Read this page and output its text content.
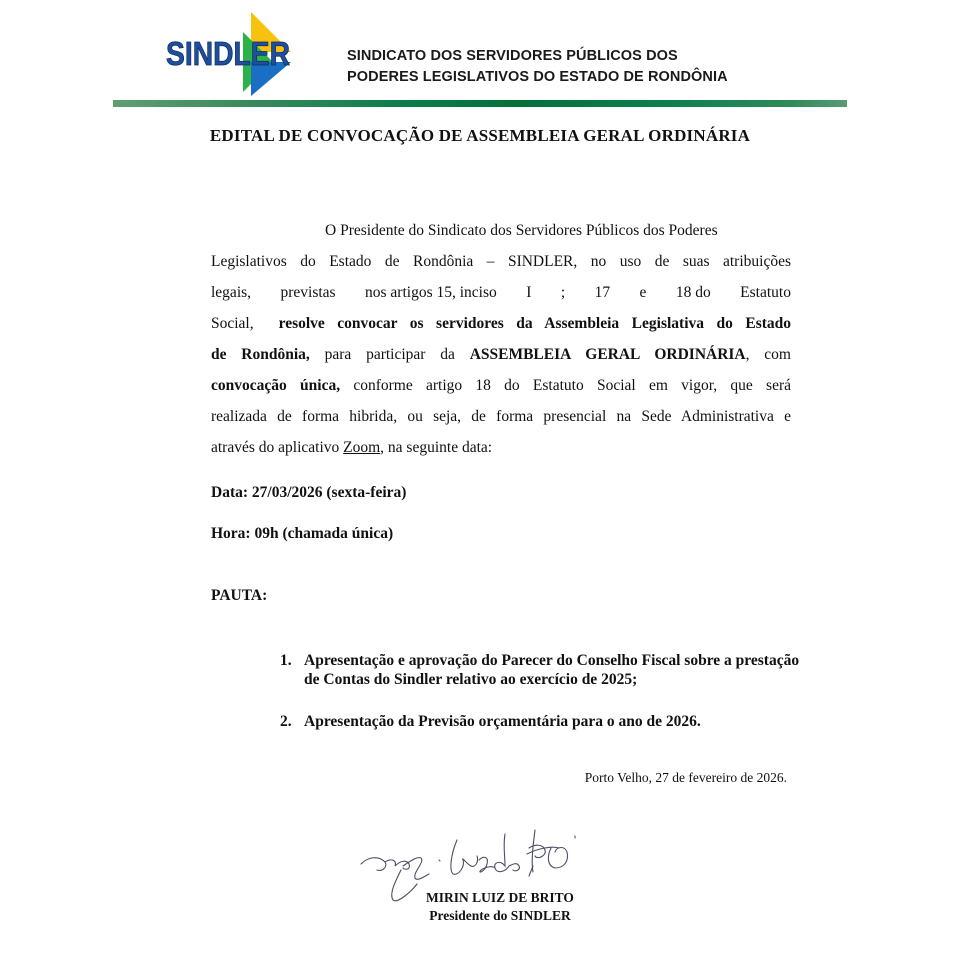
SINDLER	SINDICATO DOS SERVIDORES PÚBLICOS DOS
PODERES LEGISLATIVOS DO ESTADO DE RONDÔNIA
EDITAL DE CONVOCAÇÃO DE ASSEMBLEIA GERAL ORDINÁRIA

O Presidente do Sindicato dos Servidores Públicos dos Poderes

Legislativos do Estado de Rondônia – SINDLER, no uso de suas atribuições

legais, previstas nos artigos 15, inciso I ; 17 e 18 do Estatuto

Social, resolve convocar os servidores da Assembleia Legislativa do Estado

de Rondônia, para participar da ASSEMBLEIA GERAL ORDINÁRIA, com

convocação única, conforme artigo 18 do Estatuto Social em vigor, que será

realizada de forma hibrida, ou seja, de forma presencial na Sede Administrativa e

através do aplicativo Zoom, na seguinte data:

Data: 27/03/2026 (sexta-feira)
Hora: 09h (chamada única)
PAUTA:
1. Apresentação e aprovação do Parecer do Conselho Fiscal sobre a prestação de Contas do Sindler relativo ao exercício de 2025;
2. Apresentação da Previsão orçamentária para o ano de 2026.
Porto Velho, 27 de fevereiro de 2026.
MIRIN LUIZ DE BRITO
Presidente do SINDLER
